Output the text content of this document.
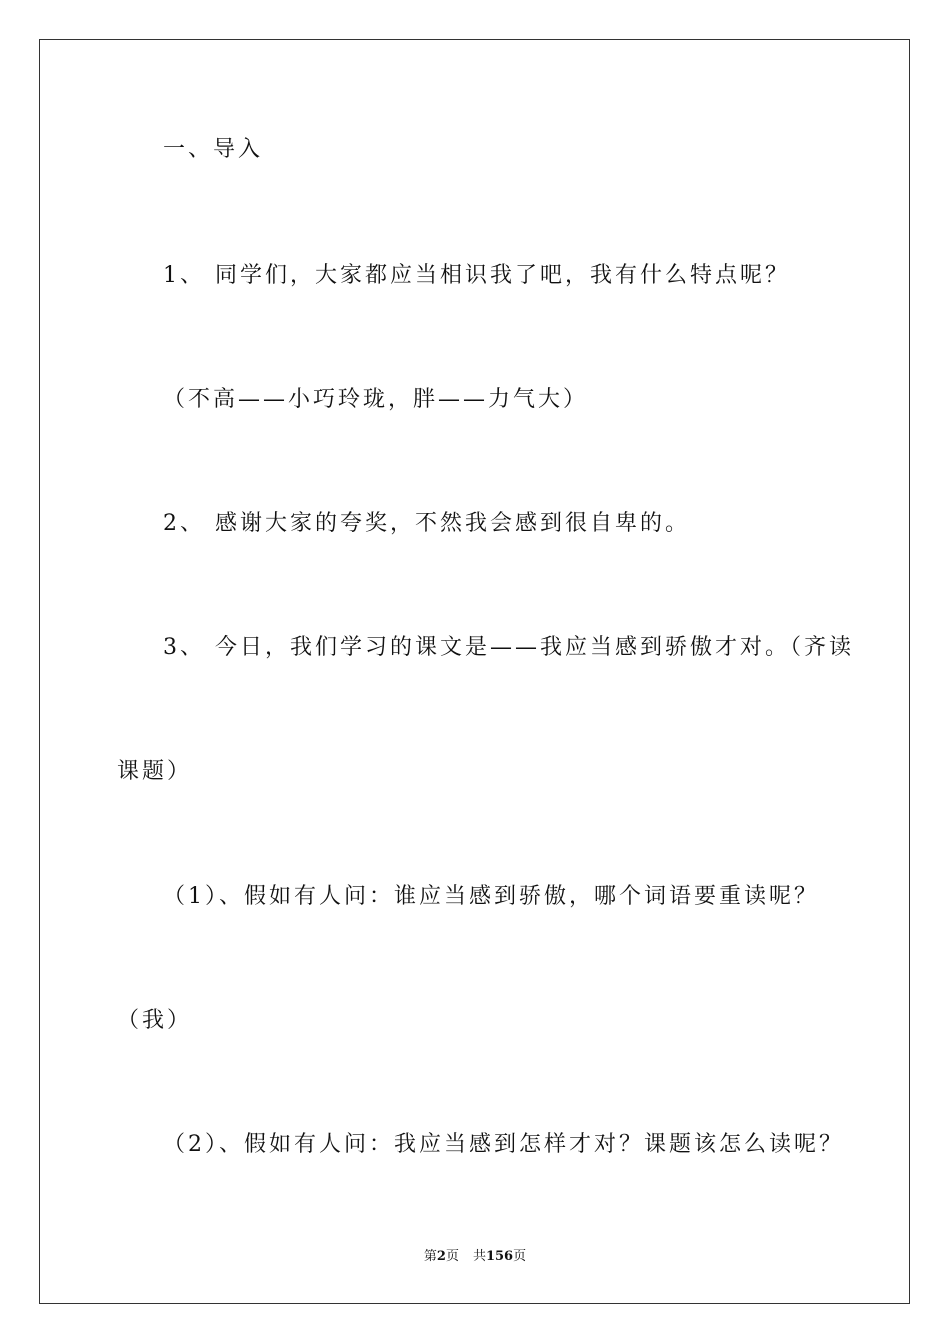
一、导入
1、 同学们，大家都应当相识我了吧，我有什么特点呢？
（不高——小巧玲珑，胖——力气大）
2、 感谢大家的夸奖，不然我会感到很自卑的。
3、 今日，我们学习的课文是——我应当感到骄傲才对。（齐读
课题）
（1）、假如有人问：谁应当感到骄傲，哪个词语要重读呢？
（我）
（2）、假如有人问：我应当感到怎样才对？课题该怎么读呢？
第2页 共156页
